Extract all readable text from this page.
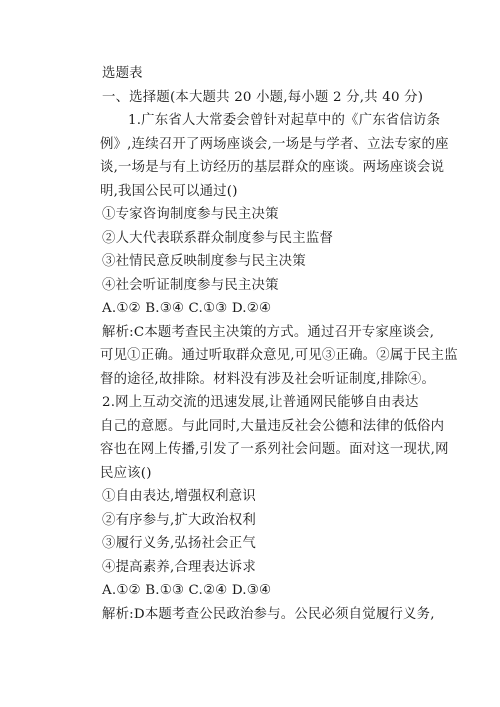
选题表
一、选择题(本大题共 20 小题,每小题 2 分,共 40 分)
1.广东省人大常委会曾针对起草中的《广东省信访条
例》,连续召开了两场座谈会,一场是与学者、立法专家的座
谈,一场是与有上访经历的基层群众的座谈。两场座谈会说
明,我国公民可以通过()
①专家咨询制度参与民主决策
②人大代表联系群众制度参与民主监督
③社情民意反映制度参与民主决策
④社会听证制度参与民主决策
A.①② B.③④ C.①③ D.②④
解析:C本题考查民主决策的方式。通过召开专家座谈会,
可见①正确。通过听取群众意见,可见③正确。②属于民主监
督的途径,故排除。材料没有涉及社会听证制度,排除④。
2.网上互动交流的迅速发展,让普通网民能够自由表达
自己的意愿。与此同时,大量违反社会公德和法律的低俗内
容也在网上传播,引发了一系列社会问题。面对这一现状,网
民应该()
①自由表达,增强权利意识
②有序参与,扩大政治权利
③履行义务,弘扬社会正气
④提高素养,合理表达诉求
A.①② B.①③ C.②④ D.③④
解析:D本题考查公民政治参与。公民必须自觉履行义务,
